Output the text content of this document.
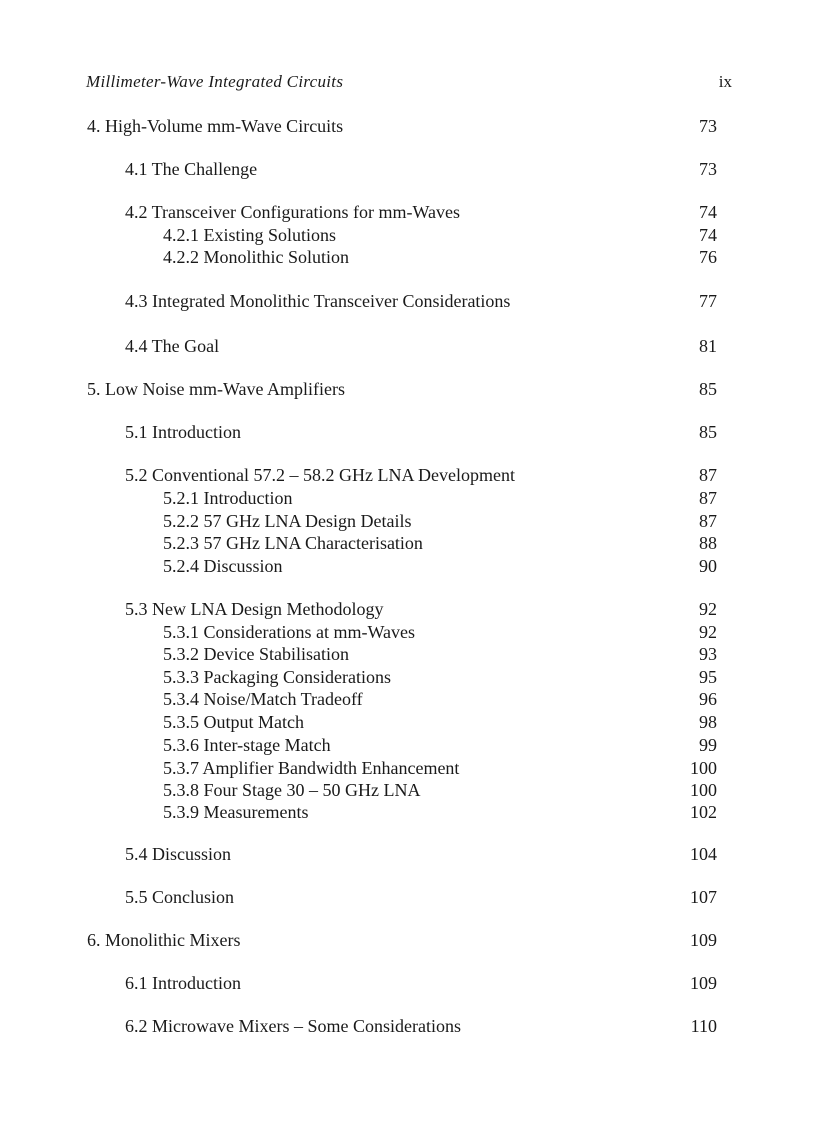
Millimeter-Wave Integrated Circuits	ix
4. High-Volume mm-Wave Circuits	73
4.1 The Challenge	73
4.2 Transceiver Configurations for mm-Waves	74
4.2.1 Existing Solutions	74
4.2.2 Monolithic Solution	76
4.3 Integrated Monolithic Transceiver Considerations	77
4.4 The Goal	81
5. Low Noise mm-Wave Amplifiers	85
5.1 Introduction	85
5.2 Conventional 57.2 – 58.2 GHz LNA Development	87
5.2.1 Introduction	87
5.2.2 57 GHz LNA Design Details	87
5.2.3 57 GHz LNA Characterisation	88
5.2.4 Discussion	90
5.3 New LNA Design Methodology	92
5.3.1 Considerations at mm-Waves	92
5.3.2 Device Stabilisation	93
5.3.3 Packaging Considerations	95
5.3.4 Noise/Match Tradeoff	96
5.3.5 Output Match	98
5.3.6 Inter-stage Match	99
5.3.7 Amplifier Bandwidth Enhancement	100
5.3.8 Four Stage 30 – 50 GHz LNA	100
5.3.9 Measurements	102
5.4 Discussion	104
5.5 Conclusion	107
6. Monolithic Mixers	109
6.1 Introduction	109
6.2 Microwave Mixers – Some Considerations	110
